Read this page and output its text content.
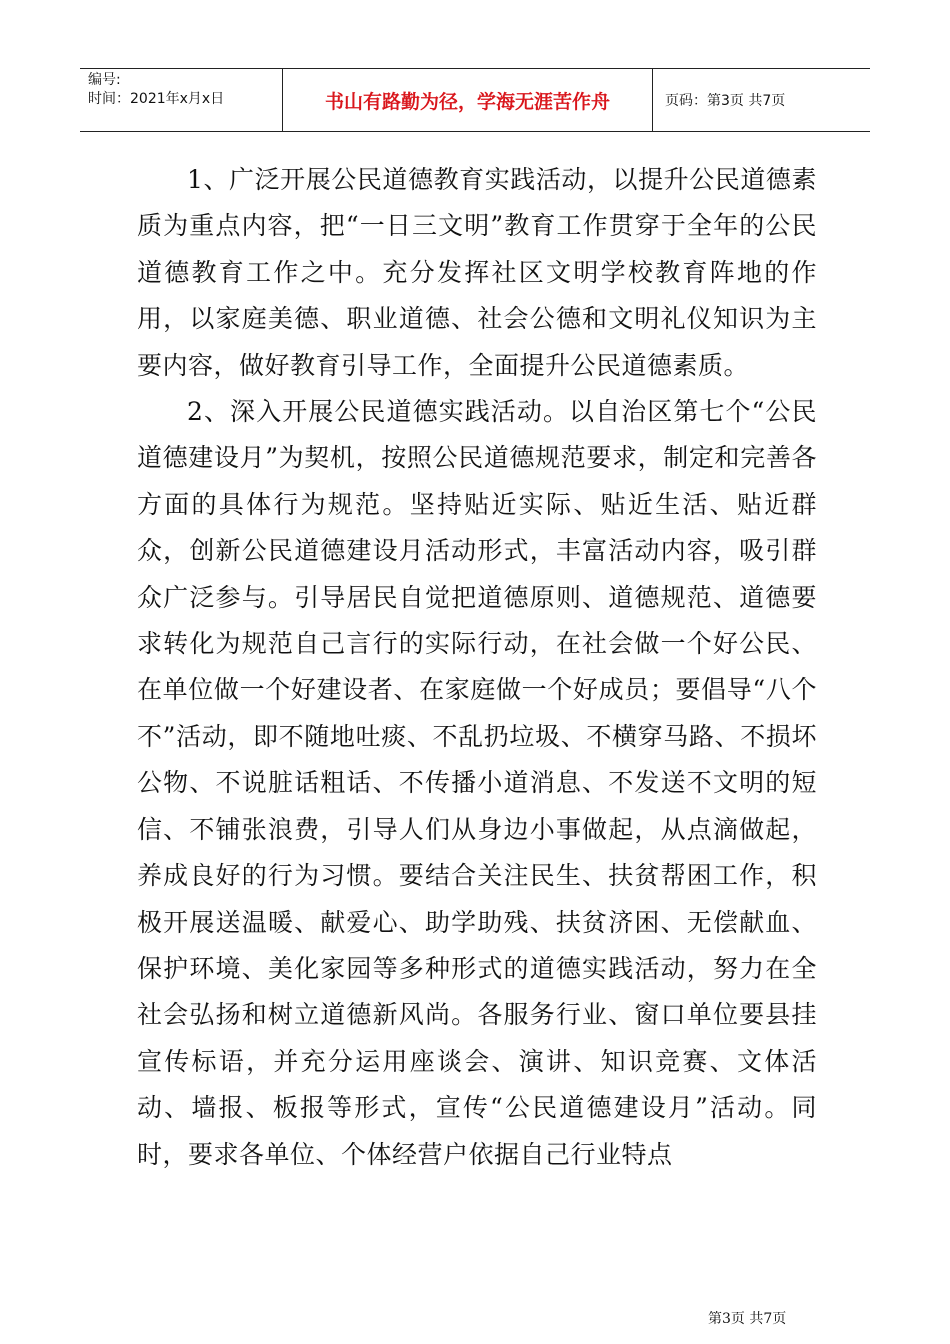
编号:
时间：2021年x月x日	书山有路勤为径，学海无涯苦作舟	页码：第3页 共7页

1、广泛开展公民道德教育实践活动，以提升公民道德素质为重点内容，把“一日三文明”教育工作贯穿于全年的公民道德教育工作之中。充分发挥社区文明学校教育阵地的作用，以家庭美德、职业道德、社会公德和文明礼仪知识为主要内容，做好教育引导工作，全面提升公民道德素质。

2、深入开展公民道德实践活动。以自治区第七个“公民道德建设月”为契机，按照公民道德规范要求，制定和完善各方面的具体行为规范。坚持贴近实际、贴近生活、贴近群众，创新公民道德建设月活动形式，丰富活动内容，吸引群众广泛参与。引导居民自觉把道德原则、道德规范、道德要求转化为规范自己言行的实际行动，在社会做一个好公民、在单位做一个好建设者、在家庭做一个好成员；要倡导“八个不”活动，即不随地吐痰、不乱扔垃圾、不横穿马路、不损坏公物、不说脏话粗话、不传播小道消息、不发送不文明的短信、不铺张浪费，引导人们从身边小事做起，从点滴做起，养成良好的行为习惯。要结合关注民生、扶贫帮困工作，积极开展送温暖、献爱心、助学助残、扶贫济困、无偿献血、保护环境、美化家园等多种形式的道德实践活动，努力在全社会弘扬和树立道德新风尚。各服务行业、窗口单位要县挂宣传标语，并充分运用座谈会、演讲、知识竞赛、文体活动、墙报、板报等形式，宣传“公民道德建设月”活动。同时，要求各单位、个体经营户依据自己行业特点

第3页 共7页
